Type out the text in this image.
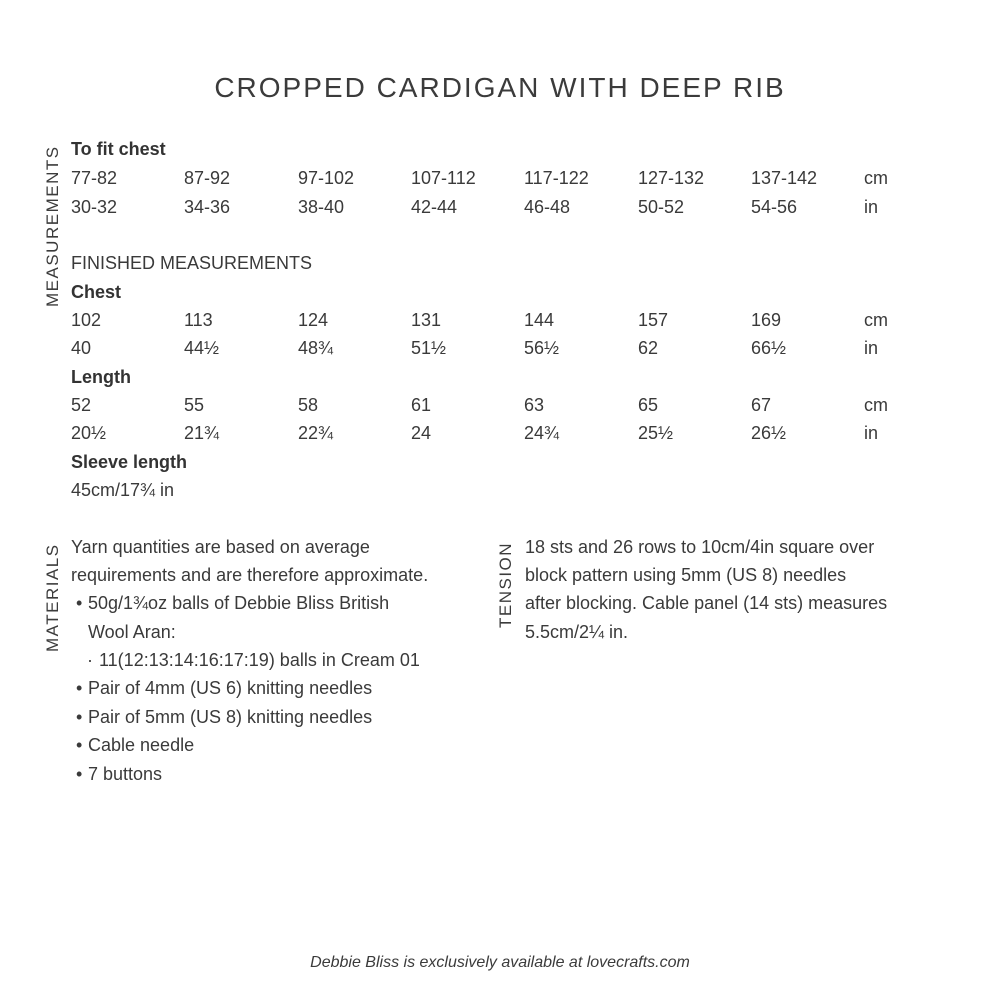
CROPPED CARDIGAN WITH DEEP RIB
MEASUREMENTS To fit chest
77-82	87-92	97-102	107-112	117-122	127-132	137-142	cm
30-32	34-36	38-40	42-44	46-48	50-52	54-56	in
FINISHED MEASUREMENTS
Chest
102	113	124	131	144	157	169	cm
40	44½	48¾	51½	56½	62	66½	in
Length
52	55	58	61	63	65	67	cm
20½	21¾	22¾	24	24¾	25½	26½	in
Sleeve length
45cm/17¾ in
MATERIALS Yarn quantities are based on average
requirements and are therefore approximate.
• 50g/1¾oz balls of Debbie Bliss British
Wool Aran:
· 11(12:13:14:16:17:19) balls in Cream 01
• Pair of 4mm (US 6) knitting needles
• Pair of 5mm (US 8) knitting needles
• Cable needle
• 7 buttons
TENSION 18 sts and 26 rows to 10cm/4in square over
block pattern using 5mm (US 8) needles
after blocking. Cable panel (14 sts) measures
5.5cm/2¼ in.
Debbie Bliss is exclusively available at lovecrafts.com
